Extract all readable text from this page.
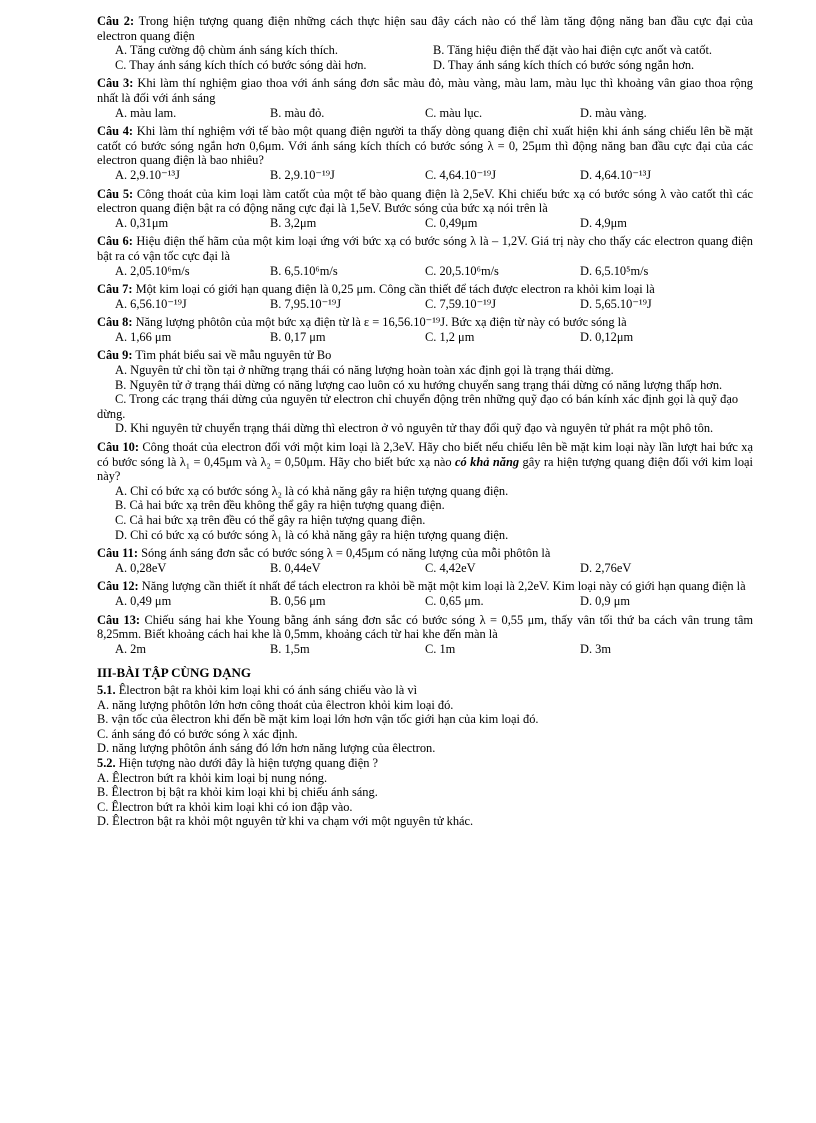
Câu 2: Trong hiện tượng quang điện những cách thực hiện sau đây cách nào có thể làm tăng động năng ban đầu cực đại của electron quang điện
A. Tăng cường độ chùm ánh sáng kích thích.	B. Tăng hiệu điện thế đặt vào hai điện cực anốt và catốt.
C. Thay ánh sáng kích thích có bước sóng dài hơn.	D. Thay ánh sáng kích thích có bước sóng ngắn hơn.
Câu 3: Khi làm thí nghiệm giao thoa với ánh sáng đơn sắc màu đỏ, màu vàng, màu lam, màu lục thì khoảng vân giao thoa rộng nhất là đối với ánh sáng
A. màu lam.	B. màu đỏ.	C. màu lục.	D. màu vàng.
Câu 4: Khi làm thí nghiệm với tế bào một quang điện người ta thấy dòng quang điện chỉ xuất hiện khi ánh sáng chiếu lên bề mặt catốt có bước sóng ngắn hơn 0,6μm. Với ánh sáng kích thích có bước sóng λ = 0, 25μm thì động năng ban đầu cực đại của các electron quang điện là bao nhiêu?
A. 2,9.10⁻¹³J	B. 2,9.10⁻¹⁹J	C. 4,64.10⁻¹⁹J	D. 4,64.10⁻¹³J
Câu 5: Công thoát của kim loại làm catốt của một tế bào quang điện là 2,5eV. Khi chiếu bức xạ có bước sóng λ vào catốt thì các electron quang điện bật ra có động năng cực đại là 1,5eV. Bước sóng của bức xạ nói trên là
A. 0,31μm	B. 3,2μm	C. 0,49μm	D. 4,9μm
Câu 6: Hiệu điện thế hãm của một kim loại ứng với bức xạ có bước sóng λ là – 1,2V. Giá trị này cho thấy các electron quang điện bật ra có vận tốc cực đại là
A. 2,05.10⁶m/s	B. 6,5.10⁶m/s	C. 20,5.10⁶m/s	D. 6,5.10⁵m/s
Câu 7: Một kim loại có giới hạn quang điện là 0,25 μm. Công cần thiết để tách được electron ra khỏi kim loại là
A. 6,56.10⁻¹⁹J	B. 7,95.10⁻¹⁹J	C. 7,59.10⁻¹⁹J	D. 5,65.10⁻¹⁹J
Câu 8: Năng lượng phôtôn của một bức xạ điện từ là ε = 16,56.10⁻¹⁹J. Bức xạ điện từ này có bước sóng là
A. 1,66 μm	B. 0,17 μm	C. 1,2 μm	D. 0,12μm
Câu 9: Tìm phát biểu sai về mẫu nguyên tử Bo
A. Nguyên tử chỉ tồn tại ở những trạng thái có năng lượng hoàn toàn xác định gọi là trạng thái dừng.
B. Nguyên tử ở trạng thái dừng có năng lượng cao luôn có xu hướng chuyển sang trạng thái dừng có năng lượng thấp hơn.
C. Trong các trạng thái dừng của nguyên tử electron chỉ chuyển động trên những quỹ đạo có bán kính xác định gọi là quỹ đạo dừng.
D. Khi nguyên tử chuyển trạng thái dừng thì electron ở vỏ nguyên tử thay đổi quỹ đạo và nguyên tử phát ra một phô tôn.
Câu 10: Công thoát của electron đối với một kim loại là 2,3eV. Hãy cho biết nếu chiếu lên bề mặt kim loại này lần lượt hai bức xạ có bước sóng là λ₁ = 0,45μm và λ₂ = 0,50μm. Hãy cho biết bức xạ nào có khả năng gây ra hiện tượng quang điện đối với kim loại này?
A. Chỉ có bức xạ có bước sóng λ₂ là có khả năng gây ra hiện tượng quang điện.
B. Cả hai bức xạ trên đều không thể gây ra hiện tượng quang điện.
C. Cả hai bức xạ trên đều có thể gây ra hiện tượng quang điện.
D. Chỉ có bức xạ có bước sóng λ₁ là có khả năng gây ra hiện tượng quang điện.
Câu 11: Sóng ánh sáng đơn sắc có bước sóng λ = 0,45μm có năng lượng của mỗi phôtôn là
A. 0,28eV	B. 0,44eV	C. 4,42eV	D. 2,76eV
Câu 12: Năng lượng cần thiết ít nhất để tách electron ra khỏi bề mặt một kim loại là 2,2eV. Kim loại này có giới hạn quang điện là
A. 0,49 μm	B. 0,56 μm	C. 0,65 μm.	D. 0,9 μm
Câu 13: Chiếu sáng hai khe Young bằng ánh sáng đơn sắc có bước sóng λ = 0,55 μm, thấy vân tối thứ ba cách vân trung tâm 8,25mm. Biết khoảng cách hai khe là 0,5mm, khoảng cách từ hai khe đến màn là
A. 2m	B. 1,5m	C. 1m	D. 3m
III-BÀI TẬP CÙNG DẠNG
5.1. Êlectron bật ra khỏi kim loại khi có ánh sáng chiếu vào là vì
A. năng lượng phôtôn lớn hơn công thoát của êlectron khỏi kim loại đó.
B. vận tốc của êlectron khi đến bề mặt kim loại lớn hơn vận tốc giới hạn của kim loại đó.
C. ánh sáng đó có bước sóng λ xác định.
D. năng lượng phôtôn ánh sáng đó lớn hơn năng lượng của êlectron.
5.2. Hiện tượng nào dưới đây là hiện tượng quang điện ?
A. Êlectron bứt ra khỏi kim loại bị nung nóng.
B. Êlectron bị bật ra khỏi kim loại khi bị chiếu ánh sáng.
C. Êlectron bứt ra khỏi kim loại khi có ion đập vào.
D. Êlectron bật ra khỏi một nguyên tử khi va chạm với một nguyên tử khác.
